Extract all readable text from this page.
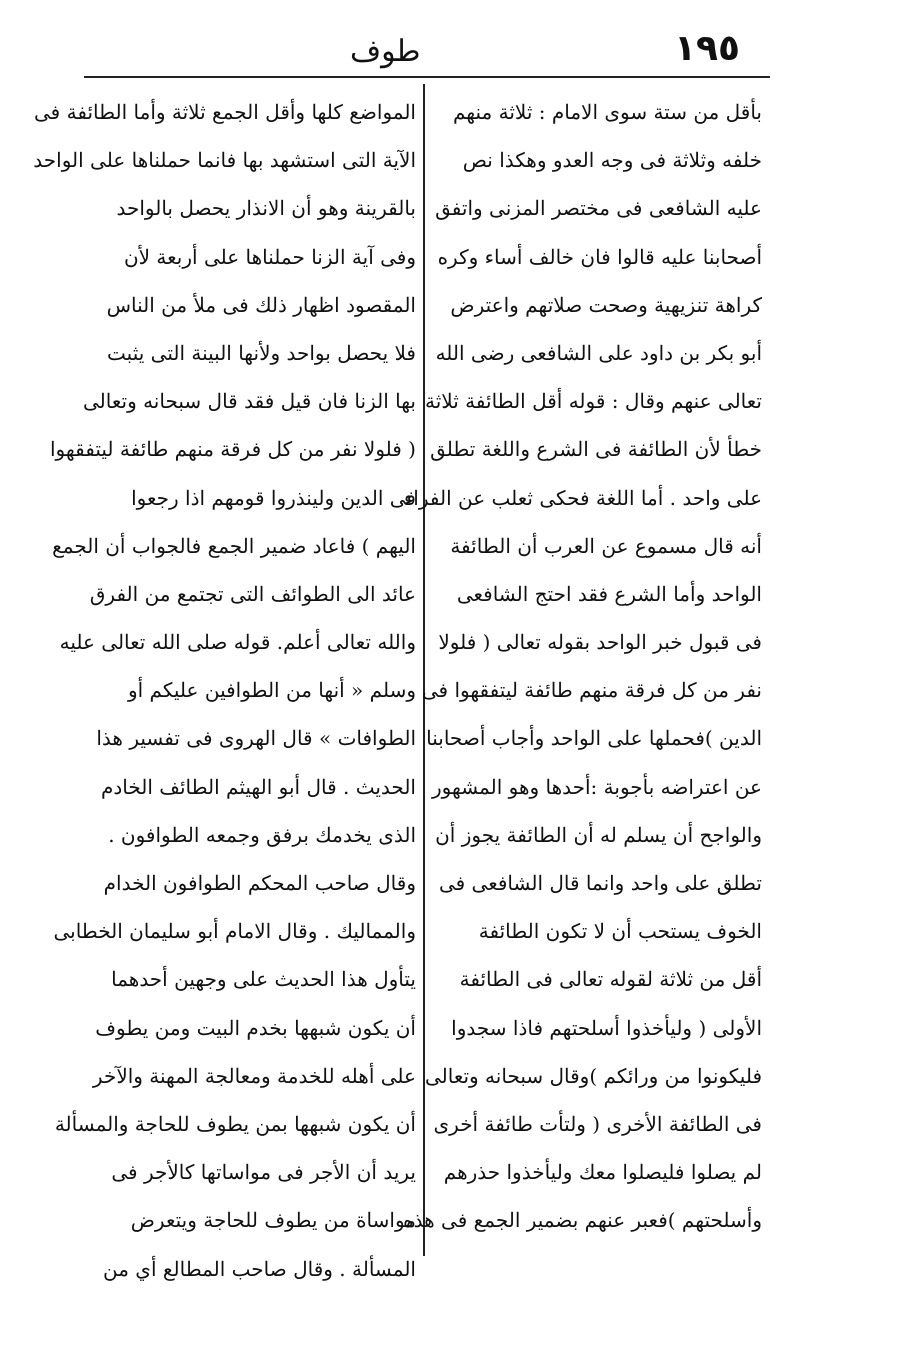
١٩٥
طوف
بأقل من ستة سوى الامام : ثلاثة منهم
خلفه وثلاثة فى وجه العدو وهكذا نص
عليه الشافعى فى مختصر المزنى واتفق
أصحابنا عليه قالوا فان خالف أساء وكره
كراهة تنزيهية وصحت صلاتهم واعترض
أبو بكر بن داود على الشافعى رضى الله
تعالى عنهم وقال : قوله أقل الطائفة ثلاثة
خطأ لأن الطائفة فى الشرع واللغة تطلق
على واحد . أما اللغة فحكى ثعلب عن الفراء
أنه قال مسموع عن العرب أن الطائفة
الواحد وأما الشرع فقد احتج الشافعى
فى قبول خبر الواحد بقوله تعالى ( فلولا
نفر من كل فرقة منهم طائفة ليتفقهوا فى
الدين )فحملها على الواحد وأجاب أصحابنا
عن اعتراضه بأجوبة :أحدها وهو المشهور
والواجح أن يسلم له أن الطائفة يجوز أن
تطلق على واحد وانما قال الشافعى فى
الخوف يستحب أن لا تكون الطائفة
أقل من ثلاثة لقوله تعالى فى الطائفة
الأولى ( وليأخذوا أسلحتهم فاذا سجدوا
فليكونوا من ورائكم )وقال سبحانه وتعالى
فى الطائفة الأخرى ( ولتأت طائفة أخرى
لم يصلوا فليصلوا معك وليأخذوا حذرهم
وأسلحتهم )فعبر عنهم بضمير الجمع فى هذه
المواضع كلها وأقل الجمع ثلاثة وأما الطائفة فى
الآية التى استشهد بها فانما حملناها على الواحد
بالقرينة وهو أن الانذار يحصل بالواحد
وفى آية الزنا حملناها على أربعة لأن
المقصود اظهار ذلك فى ملأ من الناس
فلا يحصل بواحد ولأنها البينة التى يثبت
بها الزنا فان قيل فقد قال سبحانه وتعالى
( فلولا نفر من كل فرقة منهم طائفة ليتفقهوا
فى الدين ولينذروا قومهم اذا رجعوا
اليهم ) فاعاد ضمير الجمع فالجواب أن الجمع
عائد الى الطوائف التى تجتمع من الفرق
والله تعالى أعلم. قوله صلى الله تعالى عليه
وسلم « أنها من الطوافين عليكم أو
الطوافات » قال الهروى فى تفسير هذا
الحديث . قال أبو الهيثم الطائف الخادم
الذى يخدمك برفق وجمعه الطوافون .
وقال صاحب المحكم الطوافون الخدام
والمماليك . وقال الامام أبو سليمان الخطابى
يتأول هذا الحديث على وجهين أحدهما
أن يكون شبهها بخدم البيت ومن يطوف
على أهله للخدمة ومعالجة المهنة والآخر
أن يكون شبهها بمن يطوف للحاجة والمسألة
يريد أن الأجر فى مواساتها كالأجر فى
مواساة من يطوف للحاجة ويتعرض
المسألة . وقال صاحب المطالع أي من
